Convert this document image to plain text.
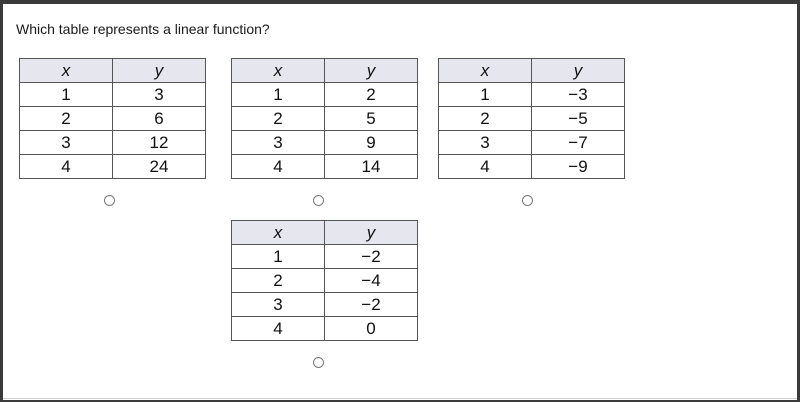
Which table represents a linear function?
x	y
1	3
2	6
3	12
4	24
x	y
1	2
2	5
3	9
4	14
x	y
1	−3
2	−5
3	−7
4	−9
x	y
1	−2
2	−4
3	−2
4	0
